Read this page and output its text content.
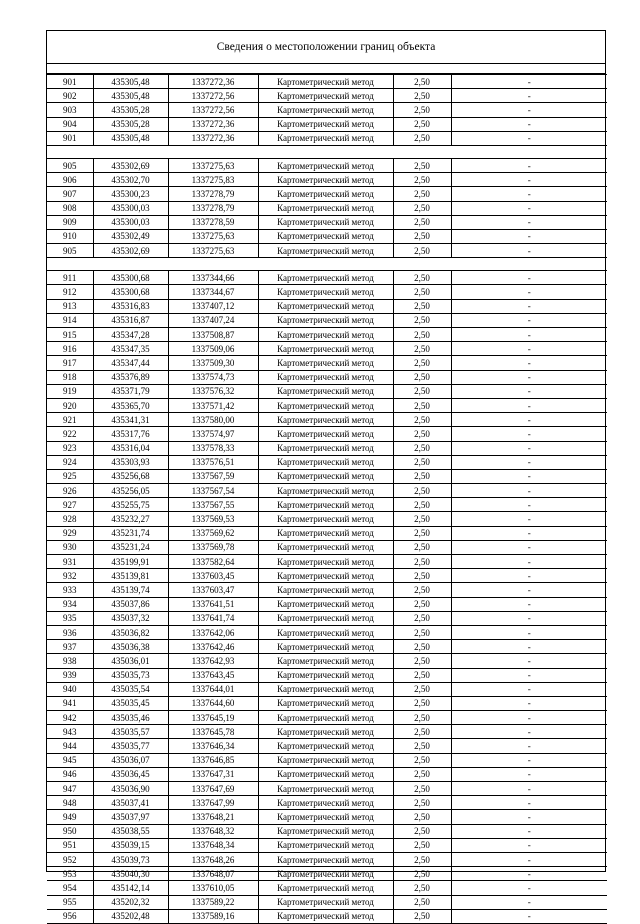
Сведения о местоположении границ объекта
901	435305,48	1337272,36	Картометрический метод	2,50	-
902	435305,48	1337272,56	Картометрический метод	2,50	-
903	435305,28	1337272,56	Картометрический метод	2,50	-
904	435305,28	1337272,36	Картометрический метод	2,50	-
901	435305,48	1337272,36	Картометрический метод	2,50	-

905	435302,69	1337275,63	Картометрический метод	2,50	-
906	435302,70	1337275,83	Картометрический метод	2,50	-
907	435300,23	1337278,79	Картометрический метод	2,50	-
908	435300,03	1337278,79	Картометрический метод	2,50	-
909	435300,03	1337278,59	Картометрический метод	2,50	-
910	435302,49	1337275,63	Картометрический метод	2,50	-
905	435302,69	1337275,63	Картометрический метод	2,50	-

911	435300,68	1337344,66	Картометрический метод	2,50	-
912	435300,68	1337344,67	Картометрический метод	2,50	-
913	435316,83	1337407,12	Картометрический метод	2,50	-
914	435316,87	1337407,24	Картометрический метод	2,50	-
915	435347,28	1337508,87	Картометрический метод	2,50	-
916	435347,35	1337509,06	Картометрический метод	2,50	-
917	435347,44	1337509,30	Картометрический метод	2,50	-
918	435376,89	1337574,73	Картометрический метод	2,50	-
919	435371,79	1337576,32	Картометрический метод	2,50	-
920	435365,70	1337571,42	Картометрический метод	2,50	-
921	435341,31	1337580,00	Картометрический метод	2,50	-
922	435317,76	1337574,97	Картометрический метод	2,50	-
923	435316,04	1337578,33	Картометрический метод	2,50	-
924	435303,93	1337576,51	Картометрический метод	2,50	-
925	435256,68	1337567,59	Картометрический метод	2,50	-
926	435256,05	1337567,54	Картометрический метод	2,50	-
927	435255,75	1337567,55	Картометрический метод	2,50	-
928	435232,27	1337569,53	Картометрический метод	2,50	-
929	435231,74	1337569,62	Картометрический метод	2,50	-
930	435231,24	1337569,78	Картометрический метод	2,50	-
931	435199,91	1337582,64	Картометрический метод	2,50	-
932	435139,81	1337603,45	Картометрический метод	2,50	-
933	435139,74	1337603,47	Картометрический метод	2,50	-
934	435037,86	1337641,51	Картометрический метод	2,50	-
935	435037,32	1337641,74	Картометрический метод	2,50	-
936	435036,82	1337642,06	Картометрический метод	2,50	-
937	435036,38	1337642,46	Картометрический метод	2,50	-
938	435036,01	1337642,93	Картометрический метод	2,50	-
939	435035,73	1337643,45	Картометрический метод	2,50	-
940	435035,54	1337644,01	Картометрический метод	2,50	-
941	435035,45	1337644,60	Картометрический метод	2,50	-
942	435035,46	1337645,19	Картометрический метод	2,50	-
943	435035,57	1337645,78	Картометрический метод	2,50	-
944	435035,77	1337646,34	Картометрический метод	2,50	-
945	435036,07	1337646,85	Картометрический метод	2,50	-
946	435036,45	1337647,31	Картометрический метод	2,50	-
947	435036,90	1337647,69	Картометрический метод	2,50	-
948	435037,41	1337647,99	Картометрический метод	2,50	-
949	435037,97	1337648,21	Картометрический метод	2,50	-
950	435038,55	1337648,32	Картометрический метод	2,50	-
951	435039,15	1337648,34	Картометрический метод	2,50	-
952	435039,73	1337648,26	Картометрический метод	2,50	-
953	435040,30	1337648,07	Картометрический метод	2,50	-
954	435142,14	1337610,05	Картометрический метод	2,50	-
955	435202,32	1337589,22	Картометрический метод	2,50	-
956	435202,48	1337589,16	Картометрический метод	2,50	-
